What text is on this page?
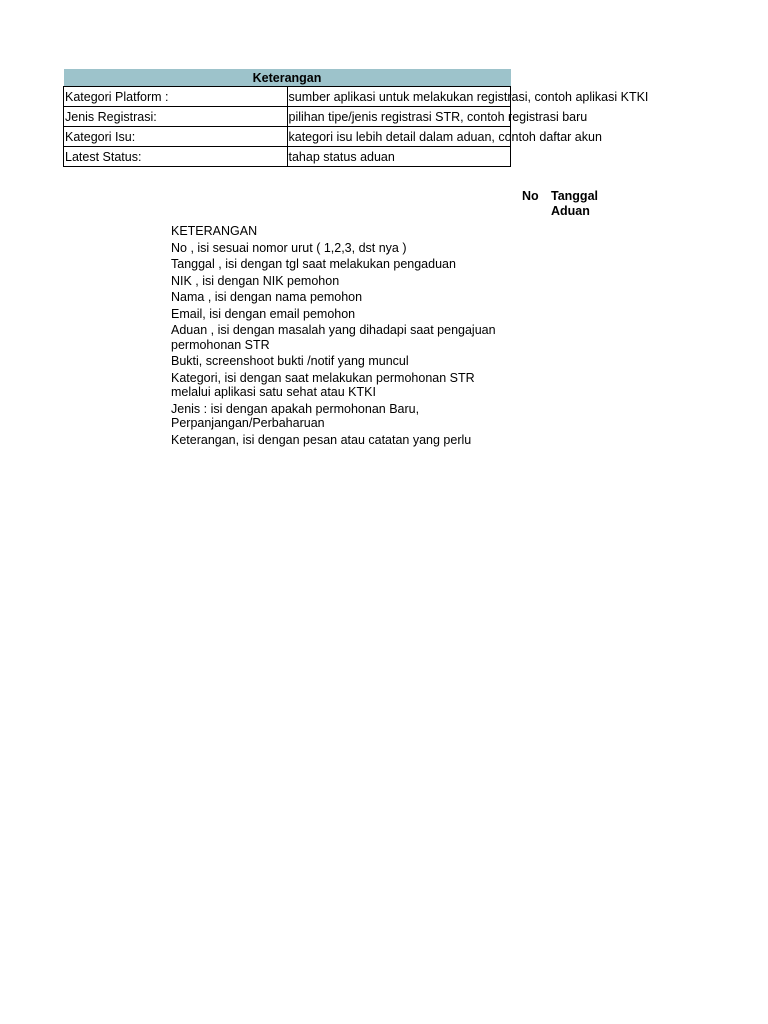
Keterangan	
Kategori Platform :	sumber aplikasi untuk melakukan registrasi, contoh aplikasi KTKI
Jenis Registrasi:	pilihan tipe/jenis registrasi STR, contoh registrasi baru
Kategori Isu:	kategori isu lebih detail dalam aduan, contoh daftar akun
Latest Status:	tahap status aduan
No Tanggal Aduan
KETERANGAN
No , isi sesuai nomor urut ( 1,2,3, dst nya )
Tanggal , isi dengan tgl saat melakukan pengaduan
NIK , isi dengan NIK pemohon
Nama , isi dengan nama pemohon
Email, isi dengan email pemohon
Aduan , isi dengan masalah yang dihadapi saat pengajuan permohonan STR
Bukti, screenshoot bukti /notif yang muncul
Kategori, isi dengan saat melakukan permohonan STR melalui aplikasi satu sehat atau KTKI
Jenis : isi dengan apakah permohonan Baru, Perpanjangan/Perbaharuan
Keterangan, isi dengan pesan atau catatan yang perlu
